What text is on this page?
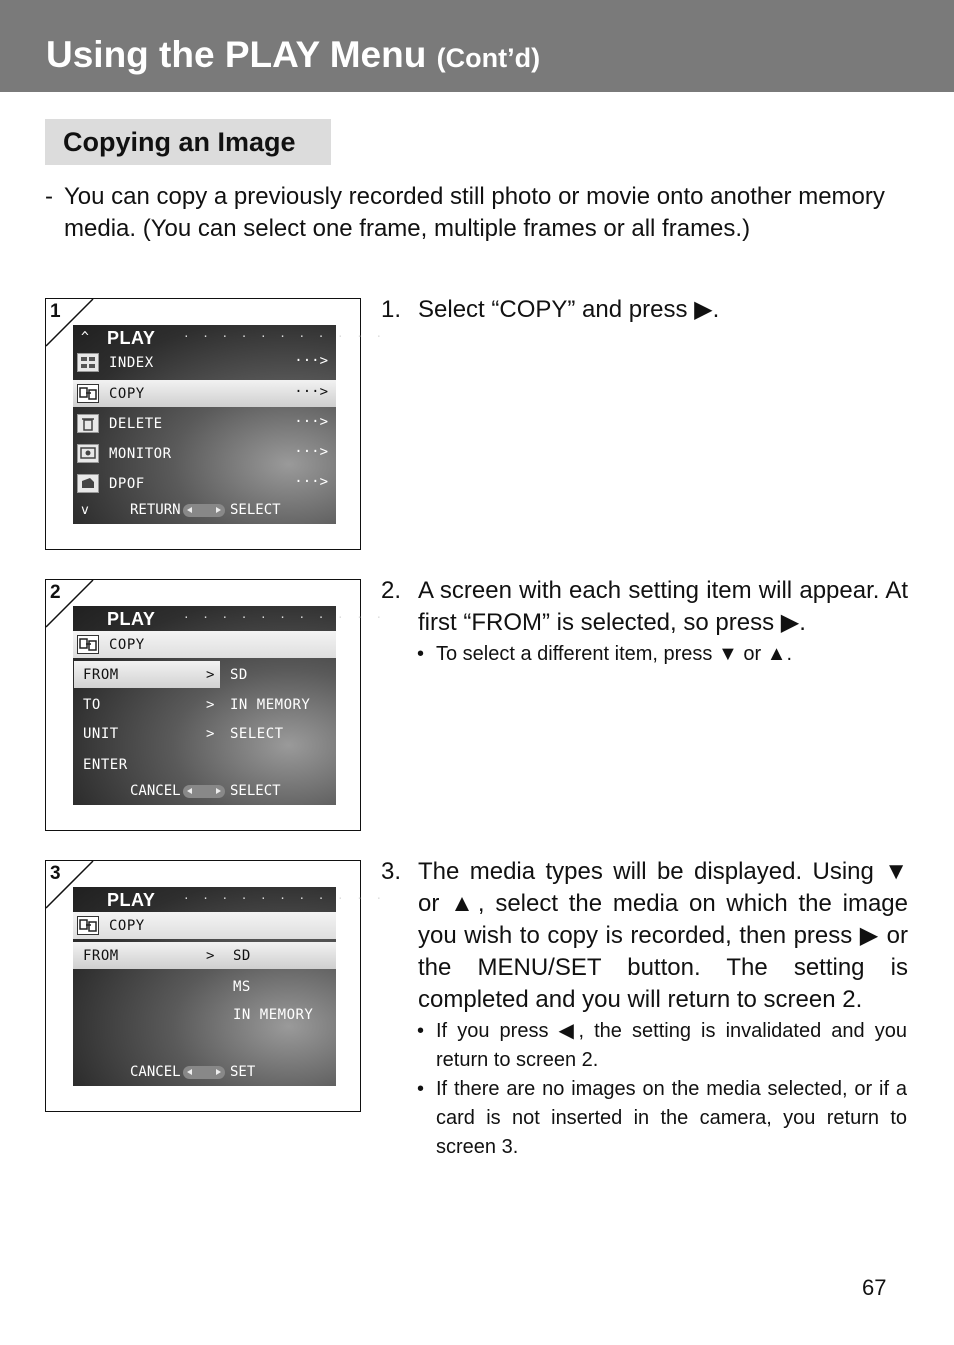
Using the PLAY Menu (Cont’d)
Copying an Image
- You can copy a previously recorded still photo or movie onto another memory media. (You can select one frame, multiple frames or all frames.)
1
^ PLAY	· · · · · · · · · · ·
INDEX	···>
COPY	···>
DELETE	···>
MONITOR	···>
DPOF	···>
v	RETURN	SELECT
2
PLAY	· · · · · · · · · · ·
COPY
FROM	> SD
TO	> IN MEMORY
UNIT	> SELECT
ENTER
CANCEL	SELECT
3
PLAY	· · · · · · · · · · ·
COPY
FROM	> SD
MS
IN MEMORY
CANCEL	SET
1. Select “COPY” and press ▶.
2. A screen with each setting item will appear. At first “FROM” is selected, so press ▶.
• To select a different item, press ▼ or ▲.
3. The media types will be displayed. Using ▼ or ▲, select the media on which the image you wish to copy is recorded, then press ▶ or the MENU/SET button. The setting is completed and you will return to screen 2.
• If you press ◀, the setting is invalidated and you return to screen 2.
• If there are no images on the media selected, or if a card is not inserted in the camera, you return to screen 3.
67
